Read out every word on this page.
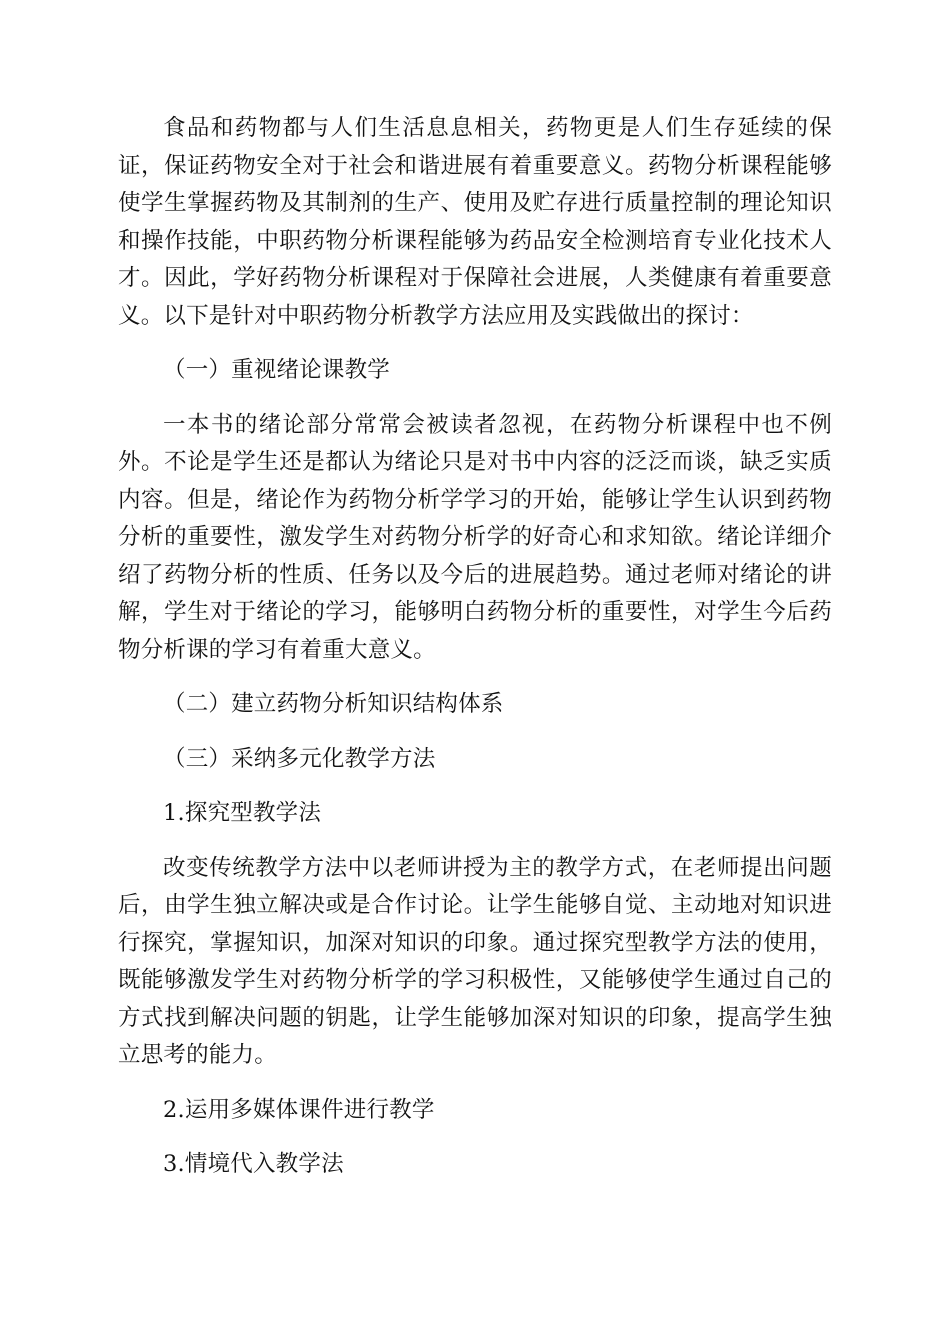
食品和药物都与人们生活息息相关，药物更是人们生存延续的保证，保证药物安全对于社会和谐进展有着重要意义。药物分析课程能够使学生掌握药物及其制剂的生产、使用及贮存进行质量控制的理论知识和操作技能，中职药物分析课程能够为药品安全检测培育专业化技术人才。因此，学好药物分析课程对于保障社会进展，人类健康有着重要意义。以下是针对中职药物分析教学方法应用及实践做出的探讨：

（一）重视绪论课教学

一本书的绪论部分常常会被读者忽视，在药物分析课程中也不例外。不论是学生还是都认为绪论只是对书中内容的泛泛而谈，缺乏实质内容。但是，绪论作为药物分析学学习的开始，能够让学生认识到药物分析的重要性，激发学生对药物分析学的好奇心和求知欲。绪论详细介绍了药物分析的性质、任务以及今后的进展趋势。通过老师对绪论的讲解，学生对于绪论的学习，能够明白药物分析的重要性，对学生今后药物分析课的学习有着重大意义。

（二）建立药物分析知识结构体系

（三）采纳多元化教学方法

1.探究型教学法

改变传统教学方法中以老师讲授为主的教学方式，在老师提出问题后，由学生独立解决或是合作讨论。让学生能够自觉、主动地对知识进行探究，掌握知识，加深对知识的印象。通过探究型教学方法的使用，既能够激发学生对药物分析学的学习积极性，又能够使学生通过自己的方式找到解决问题的钥匙，让学生能够加深对知识的印象，提高学生独立思考的能力。

2.运用多媒体课件进行教学

3.情境代入教学法
